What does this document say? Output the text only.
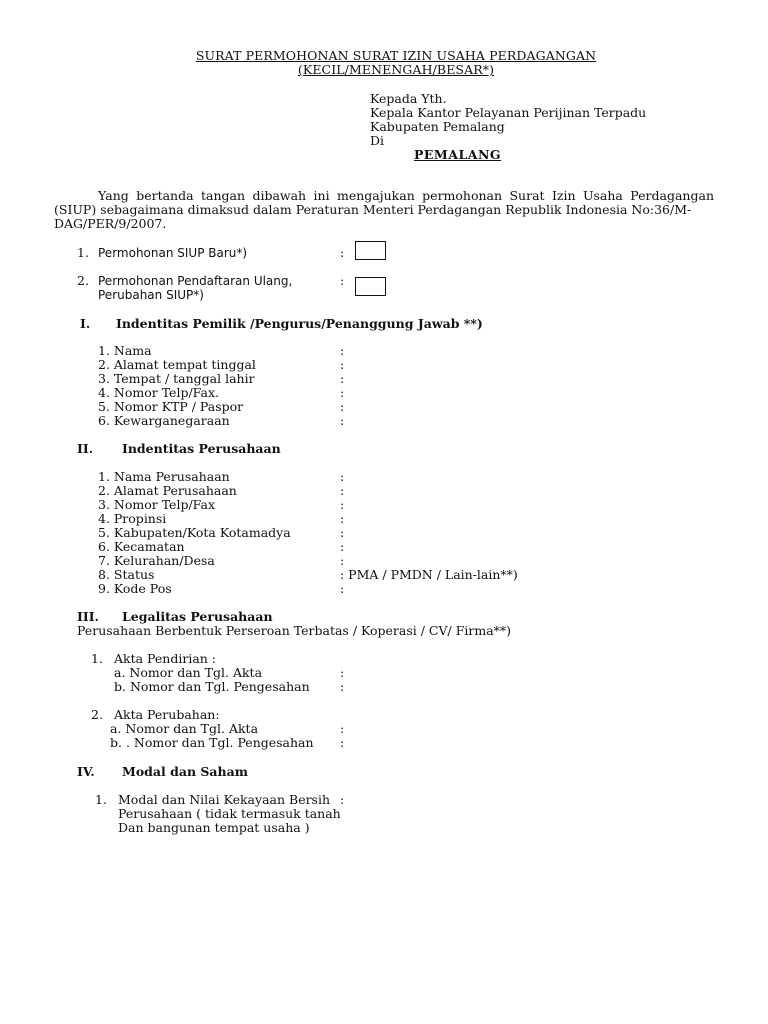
SURAT PERMOHONAN SURAT IZIN USAHA PERDAGANGAN
(KECIL/MENENGAH/BESAR*)
Kepada Yth.
Kepala Kantor Pelayanan Perijinan Terpadu
Kabupaten Pemalang
Di
PEMALANG

Yang bertanda tangan dibawah ini mengajukan permohonan Surat Izin Usaha Perdagangan (SIUP) sebagaimana dimaksud dalam Peraturan Menteri Perdagangan Republik Indonesia No:36/M-

DAG/PER/9/2007.

1. Permohonan SIUP Baru*)	:
2. Permohonan Pendaftaran Ulang,
Perubahan SIUP*)
:
I. Indentitas Pemilik /Pengurus/Penanggung Jawab **)
1. Nama	:
2. Alamat tempat tinggal	:
3. Tempat / tanggal lahir	:
4. Nomor Telp/Fax.	:
5. Nomor KTP / Paspor	:
6. Kewarganegaraan	:
II. Indentitas Perusahaan
1. Nama Perusahaan	:
2. Alamat Perusahaan	:
3. Nomor Telp/Fax	:
4. Propinsi	:
5. Kabupaten/Kota Kotamadya	:
6. Kecamatan	:
7. Kelurahan/Desa	:
8. Status	: PMA / PMDN / Lain-lain**)
9. Kode Pos	:
III. Legalitas Perusahaan
Perusahaan Berbentuk Perseroan Terbatas / Koperasi / CV/ Firma**)
1. Akta Pendirian :
a. Nomor dan Tgl. Akta	:
b. Nomor dan Tgl. Pengesahan :
2. Akta Perubahan:
a. Nomor dan Tgl. Akta	:
b. . Nomor dan Tgl. Pengesahan :
IV. Modal dan Saham
1. Modal dan Nilai Kekayaan Bersih :
Perusahaan ( tidak termasuk tanah
Dan bangunan tempat usaha )
